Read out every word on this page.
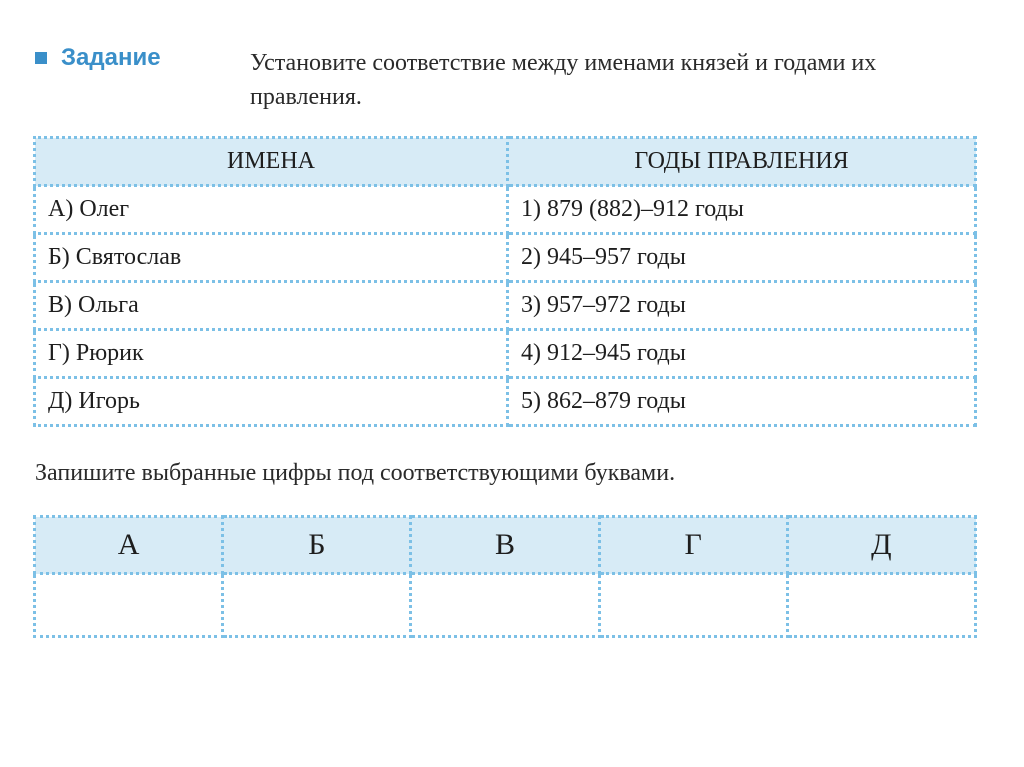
Задание	Установите соответствие между именами князей и годами их правления.
ИМЕНА	ГОДЫ ПРАВЛЕНИЯ
А) Олег	1) 879 (882)–912 годы
Б) Святослав	2) 945–957 годы
В) Ольга	3) 957–972 годы
Г) Рюрик	4) 912–945 годы
Д) Игорь	5) 862–879 годы
Запишите выбранные цифры под соответствующими буквами.
А	Б	В	Г	Д
